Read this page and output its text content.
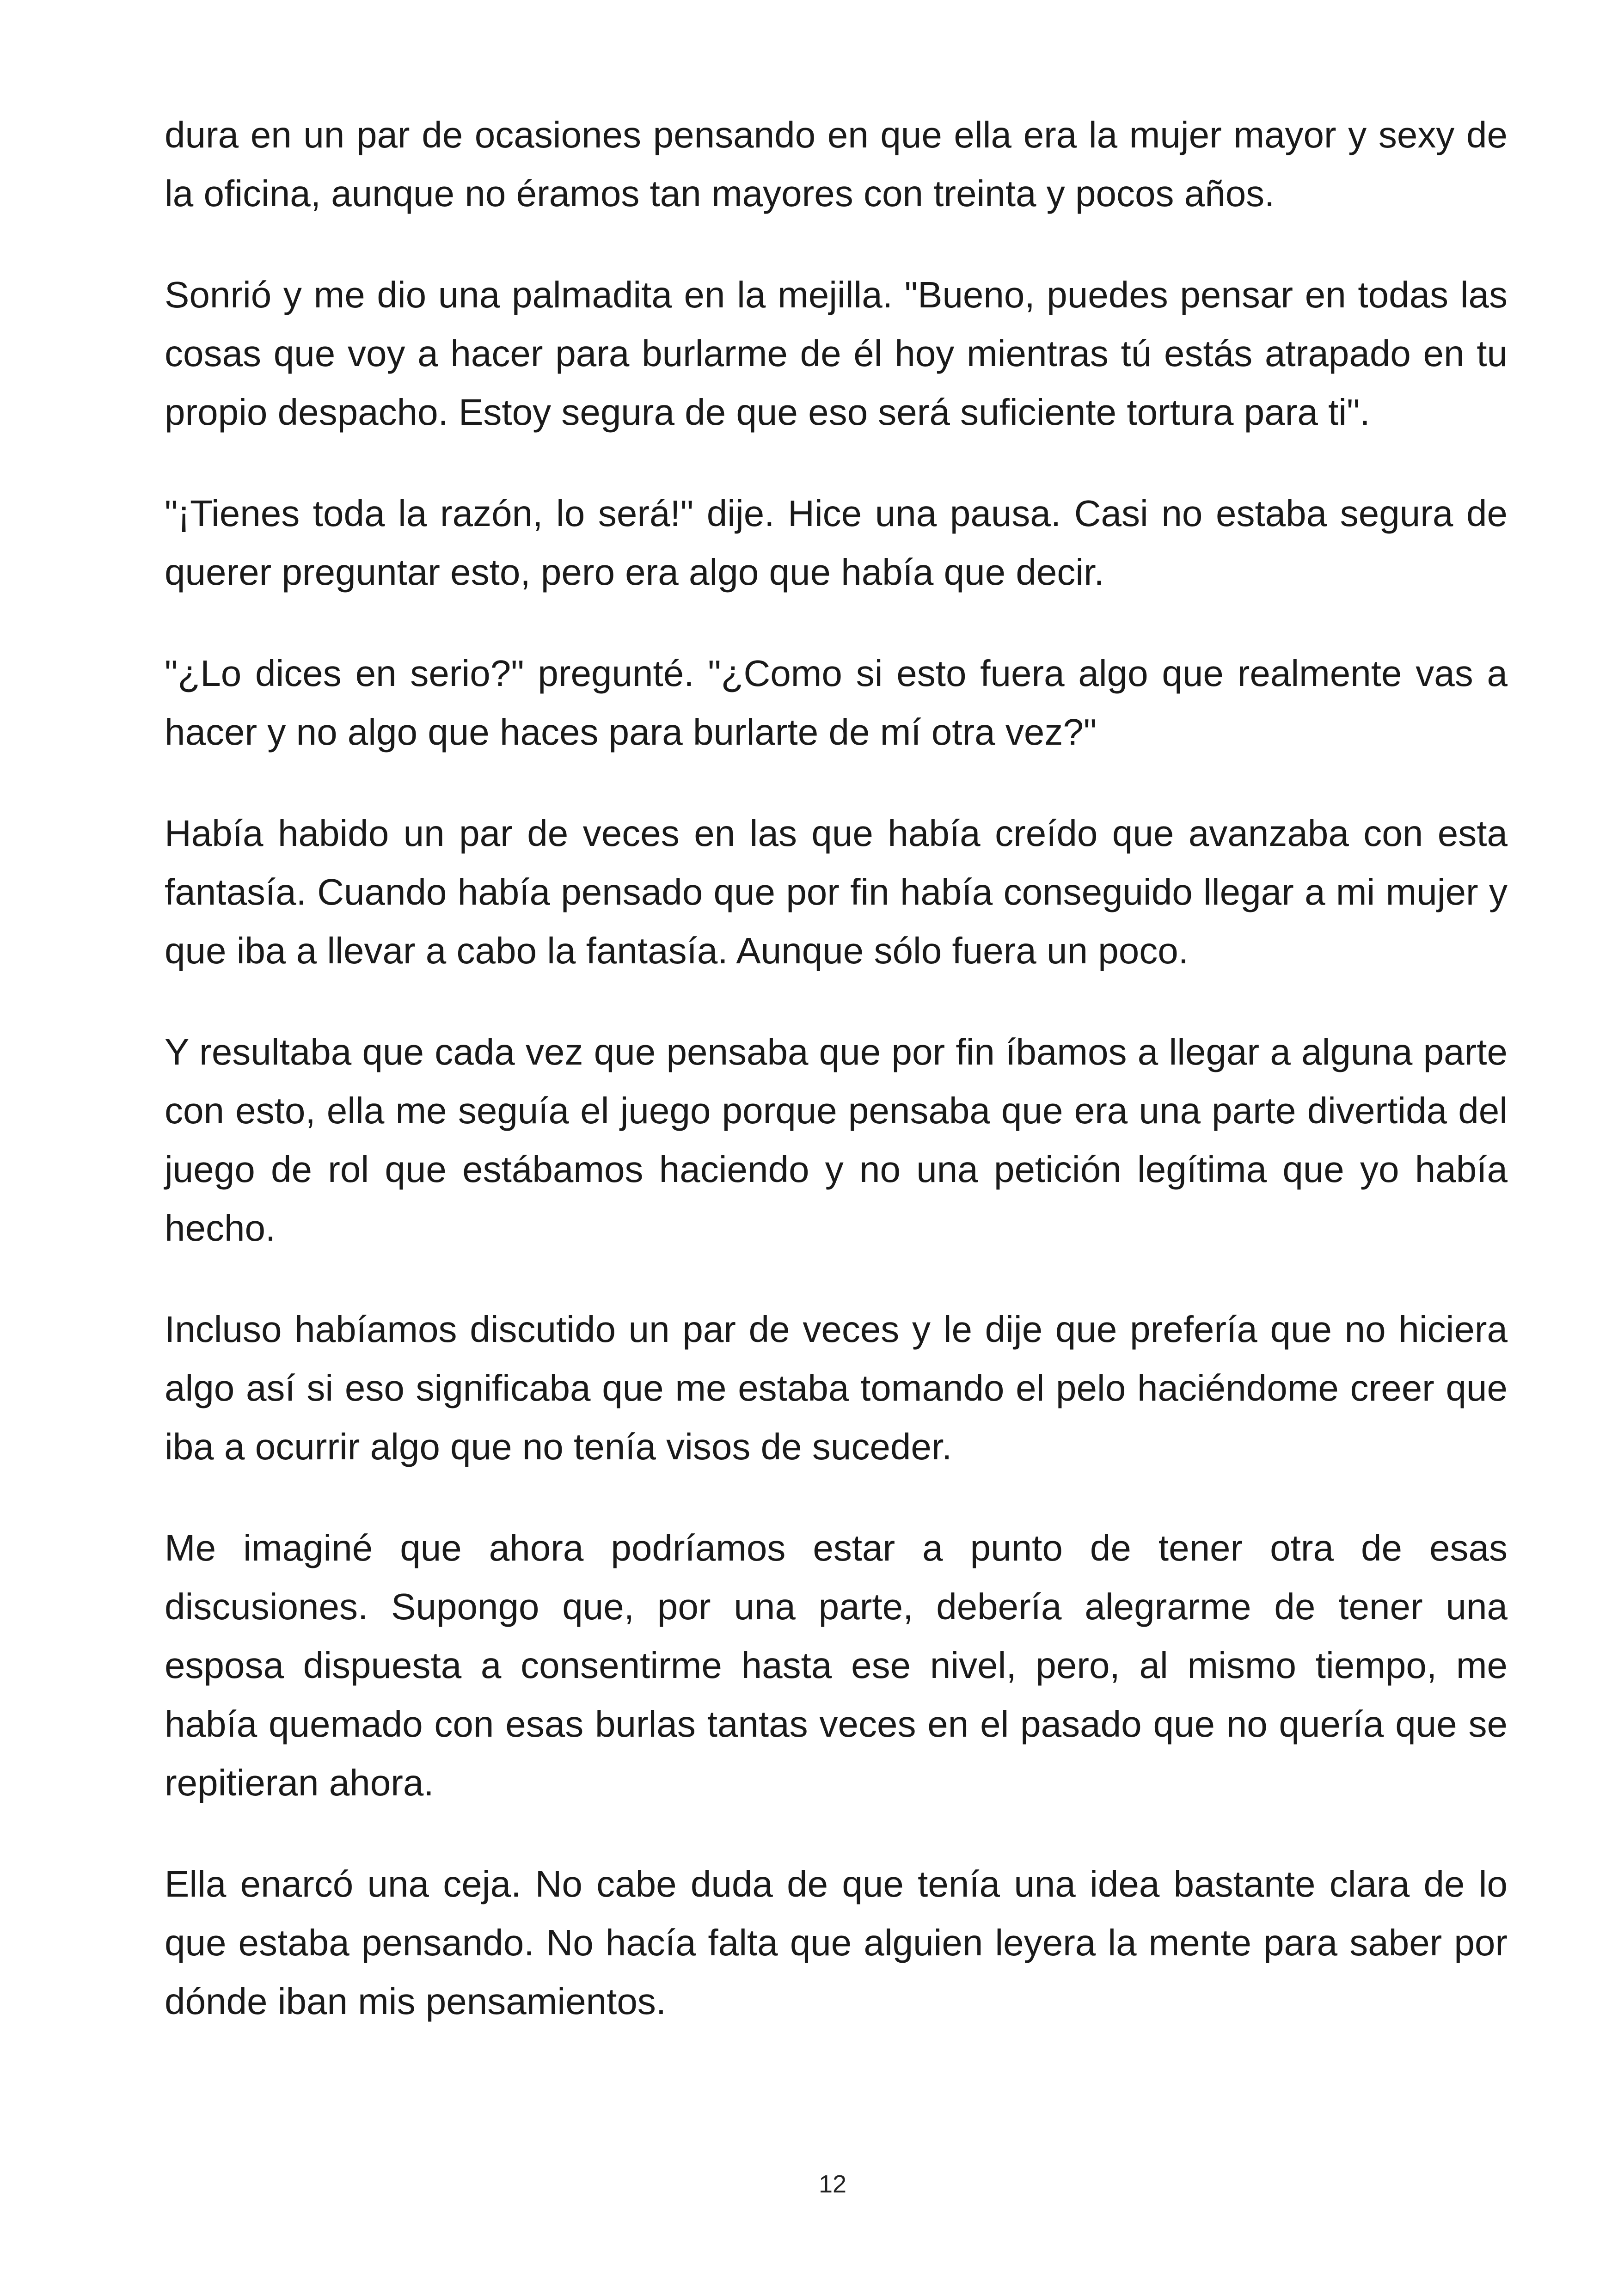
dura en un par de ocasiones pensando en que ella era la mujer mayor y sexy de la oficina, aunque no éramos tan mayores con treinta y pocos años.

Sonrió y me dio una palmadita en la mejilla. "Bueno, puedes pensar en todas las cosas que voy a hacer para burlarme de él hoy mientras tú estás atrapado en tu propio despacho. Estoy segura de que eso será suficiente tortura para ti".

"¡Tienes toda la razón, lo será!" dije. Hice una pausa. Casi no estaba segura de querer preguntar esto, pero era algo que había que decir.

"¿Lo dices en serio?" pregunté. "¿Como si esto fuera algo que realmente vas a hacer y no algo que haces para burlarte de mí otra vez?"

Había habido un par de veces en las que había creído que avanzaba con esta fantasía. Cuando había pensado que por fin había conseguido llegar a mi mujer y que iba a llevar a cabo la fantasía. Aunque sólo fuera un poco.

Y resultaba que cada vez que pensaba que por fin íbamos a llegar a alguna parte con esto, ella me seguía el juego porque pensaba que era una parte divertida del juego de rol que estábamos haciendo y no una petición legítima que yo había hecho.

Incluso habíamos discutido un par de veces y le dije que prefería que no hiciera algo así si eso significaba que me estaba tomando el pelo haciéndome creer que iba a ocurrir algo que no tenía visos de suceder.

Me imaginé que ahora podríamos estar a punto de tener otra de esas discusiones. Supongo que, por una parte, debería alegrarme de tener una esposa dispuesta a consentirme hasta ese nivel, pero, al mismo tiempo, me había quemado con esas burlas tantas veces en el pasado que no quería que se repitieran ahora.

Ella enarcó una ceja. No cabe duda de que tenía una idea bastante clara de lo que estaba pensando. No hacía falta que alguien leyera la mente para saber por dónde iban mis pensamientos.

12
